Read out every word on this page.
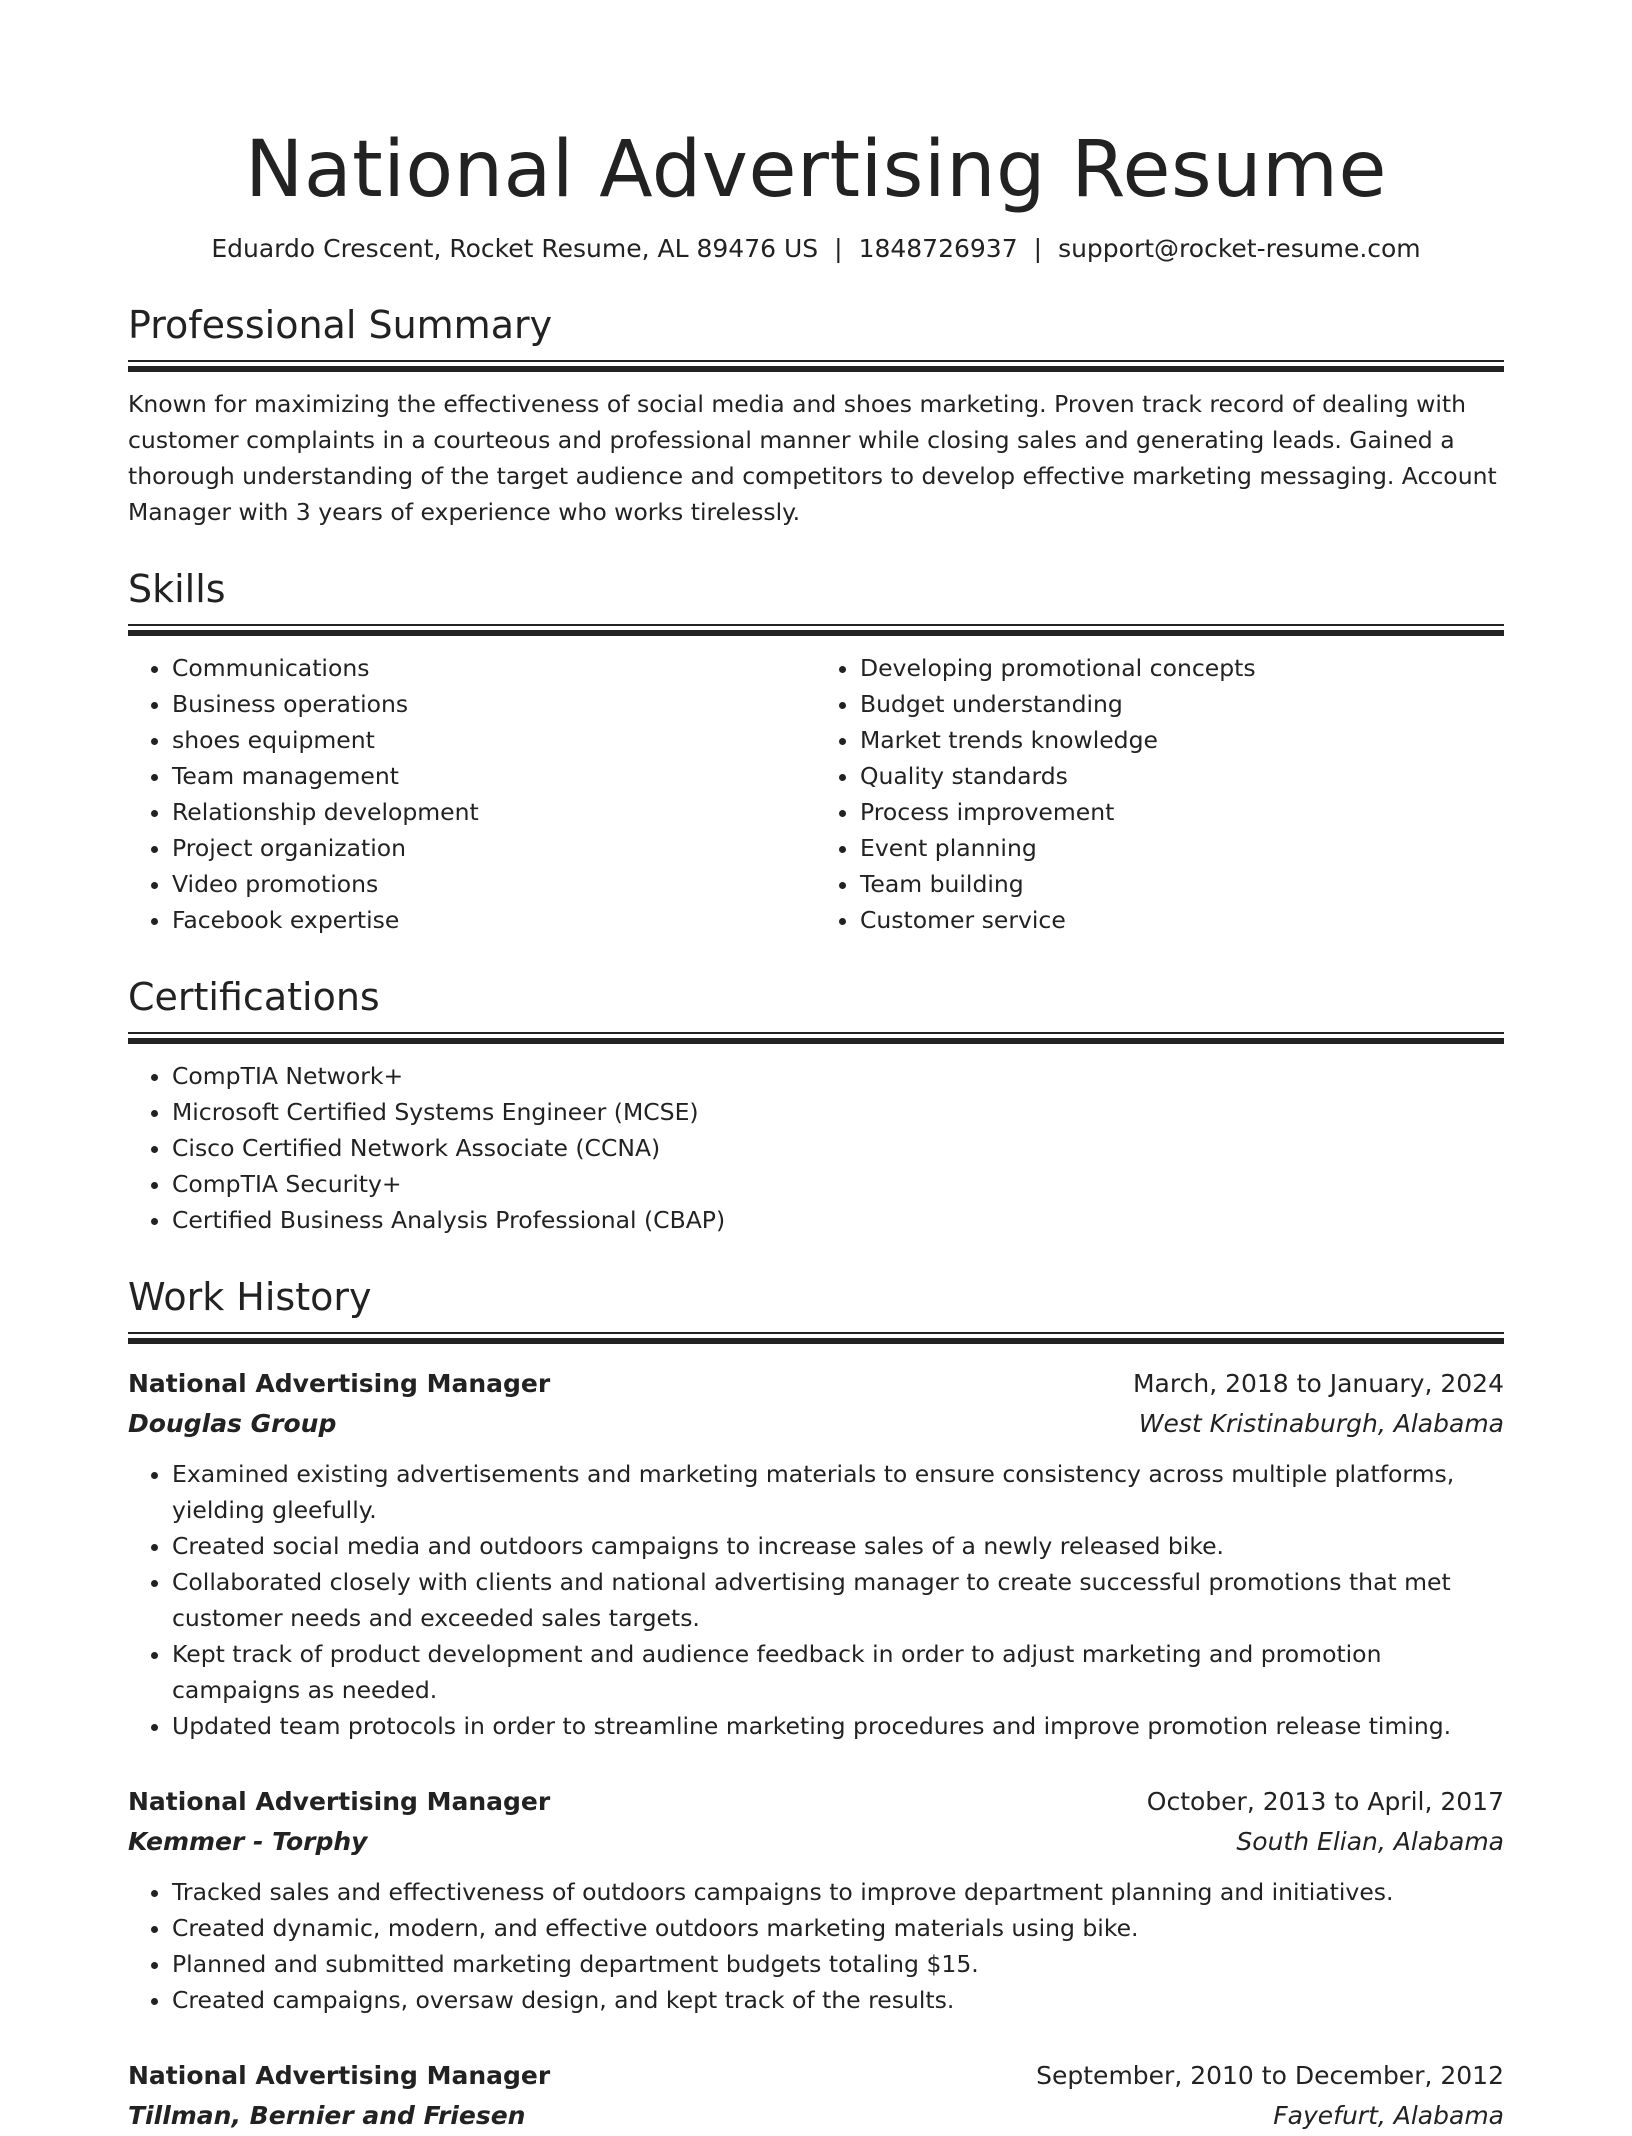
National Advertising Resume
Eduardo Crescent, Rocket Resume, AL 89476 US | 1848726937 | support@rocket-resume.com
Professional Summary
Known for maximizing the effectiveness of social media and shoes marketing. Proven track record of dealing with customer complaints in a courteous and professional manner while closing sales and generating leads. Gained a thorough understanding of the target audience and competitors to develop effective marketing messaging. Account Manager with 3 years of experience who works tirelessly.
Skills
• Communications
• Business operations
• shoes equipment
• Team management
• Relationship development
• Project organization
• Video promotions
• Facebook expertise
• Developing promotional concepts
• Budget understanding
• Market trends knowledge
• Quality standards
• Process improvement
• Event planning
• Team building
• Customer service
Certifications
• CompTIA Network+
• Microsoft Certified Systems Engineer (MCSE)
• Cisco Certified Network Associate (CCNA)
• CompTIA Security+
• Certified Business Analysis Professional (CBAP)
Work History
National Advertising Manager	March, 2018 to January, 2024
Douglas Group	West Kristinaburgh, Alabama
• Examined existing advertisements and marketing materials to ensure consistency across multiple platforms, yielding gleefully.
• Created social media and outdoors campaigns to increase sales of a newly released bike.
• Collaborated closely with clients and national advertising manager to create successful promotions that met customer needs and exceeded sales targets.
• Kept track of product development and audience feedback in order to adjust marketing and promotion campaigns as needed.
• Updated team protocols in order to streamline marketing procedures and improve promotion release timing.
National Advertising Manager	October, 2013 to April, 2017
Kemmer - Torphy	South Elian, Alabama
• Tracked sales and effectiveness of outdoors campaigns to improve department planning and initiatives.
• Created dynamic, modern, and effective outdoors marketing materials using bike.
• Planned and submitted marketing department budgets totaling $15.
• Created campaigns, oversaw design, and kept track of the results.
National Advertising Manager	September, 2010 to December, 2012
Tillman, Bernier and Friesen	Fayefurt, Alabama
